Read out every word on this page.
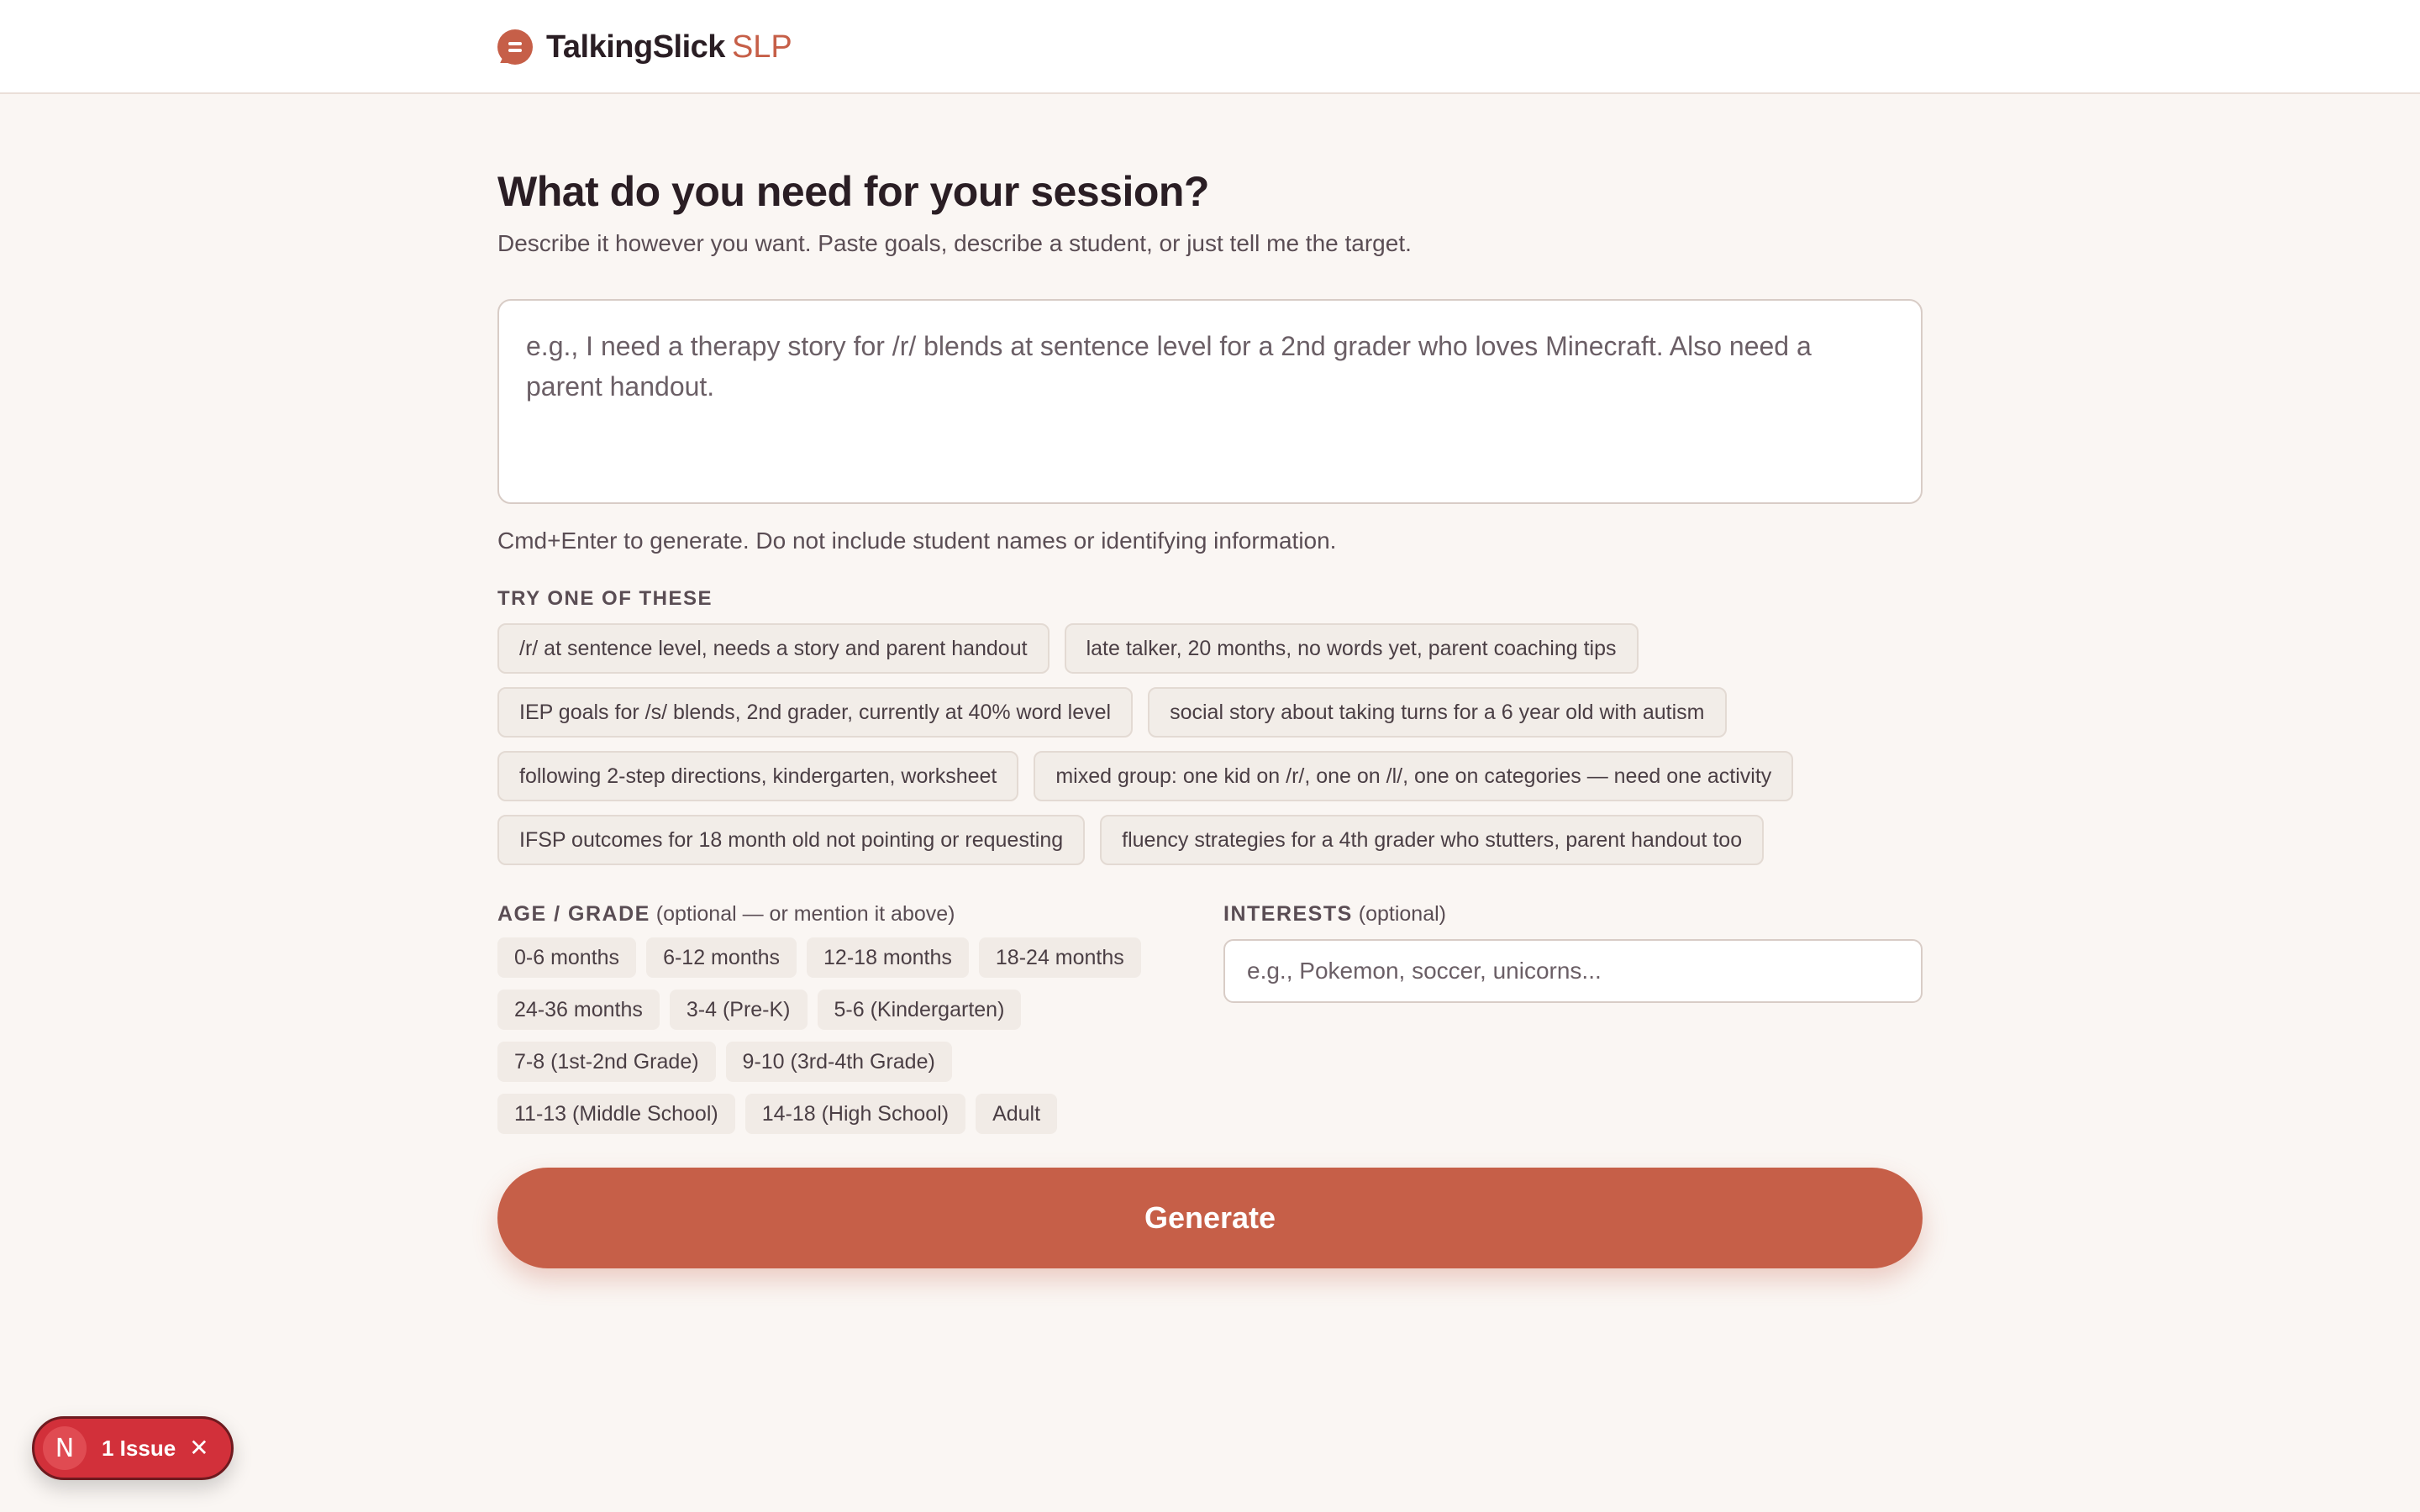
TalkingSlick SLP
What do you need for your session?

Describe it however you want. Paste goals, describe a student, or just tell me the target.

e.g., I need a therapy story for /r/ blends at sentence level for a 2nd grader who loves Minecraft. Also need a parent handout.

Cmd+Enter to generate. Do not include student names or identifying information.

TRY ONE OF THESE
/r/ at sentence level, needs a story and parent handout	late talker, 20 months, no words yet, parent coaching tips
IEP goals for /s/ blends, 2nd grader, currently at 40% word level	social story about taking turns for a 6 year old with autism
following 2-step directions, kindergarten, worksheet	mixed group: one kid on /r/, one on /l/, one on categories — need one activity
IFSP outcomes for 18 month old not pointing or requesting	fluency strategies for a 4th grader who stutters, parent handout too
AGE / GRADE (optional — or mention it above)
0-6 months	6-12 months	12-18 months	18-24 months
24-36 months	3-4 (Pre-K)	5-6 (Kindergarten)
7-8 (1st-2nd Grade)	9-10 (3rd-4th Grade)
11-13 (Middle School)	14-18 (High School)	Adult
INTERESTS (optional)
e.g., Pokemon, soccer, unicorns...
Generate
N	1 Issue ✕
